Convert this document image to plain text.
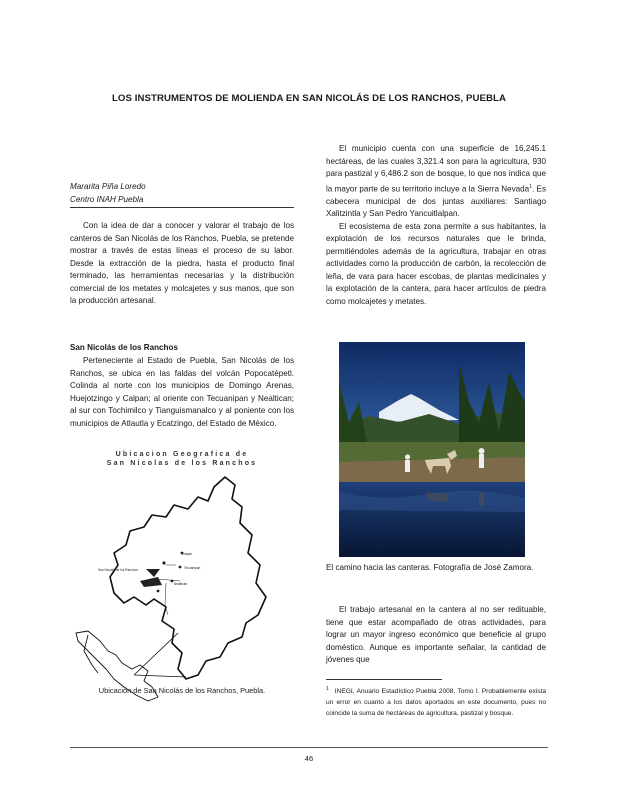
LOS INSTRUMENTOS DE MOLIENDA EN SAN NICOLÁS DE LOS RANCHOS, PUEBLA
Mararita Piña Loredo
Centro INAH Puebla

Con la idea de dar a conocer y valorar el trabajo de los canteros de San Nicolás de los Ranchos, Puebla, se pretende mostrar a través de estas líneas el proceso de su labor. Desde la extracción de la piedra, hasta el producto final terminado, las herramientas necesarias y la distribución comercial de los metates y molcajetes y sus manos, que son la producción artesanal.

San Nicolás de los Ranchos

Perteneciente al Estado de Puebla, San Nicolás de los Ranchos, se ubica en las faldas del volcán Popocatépetl. Colinda al norte con los municipios de Domingo Arenas, Huejotzingo y Calpan; al oriente con Tecuanipan y Nealtican; al sur con Tochimilco y Tianguismanalco y al poniente con los municipios de Atlautla y Ecatzingo, del Estado de México.

Ubicacion Geografica de
San Nicolas de los Ranchos
San Nicolás de los Ranchos
Calpan
Tecuanipan
Nealtican
Ubicación de San Nicolás de los Ranchos, Puebla.

El municipio cuenta con una superficie de 16,245.1 hectáreas, de las cuales 3,321.4 son para la agricultura, 930 para pastizal y 6,486.2 son de bosque, lo que nos indica que la mayor parte de su territorio incluye a la Sierra Nevada$^1$. Es cabecera municipal de dos juntas auxiliares: Santiago Xalitzintla y San Pedro Yancuitlalpan.

El ecosistema de esta zona permite a sus habitantes, la explotación de los recursos naturales que le brinda, permitiéndoles además de la agricultura, trabajar en otras actividades como la producción de carbón, la recolección de leña, de vara para hacer escobas, de plantas medicinales y la explotación de la cantera, para hacer artículos de piedra como molcajetes y metates.

El camino hacia las canteras. Fotografía de José Zamora.

El trabajo artesanal en la cantera al no ser redituable, tiene que estar acompañado de otras actividades, para lograr un mayor ingreso económico que beneficie al grupo doméstico. Aunque es importante señalar, la cantidad de jóvenes que

$^1$ INEGI, Anuario Estadístico Puebla 2008, Tomo I. Probablemente exista un error en cuanto a los datos aportados en este documento, pues no coincide la suma de hectáreas de agricultura, pastizal y bosque.
46
